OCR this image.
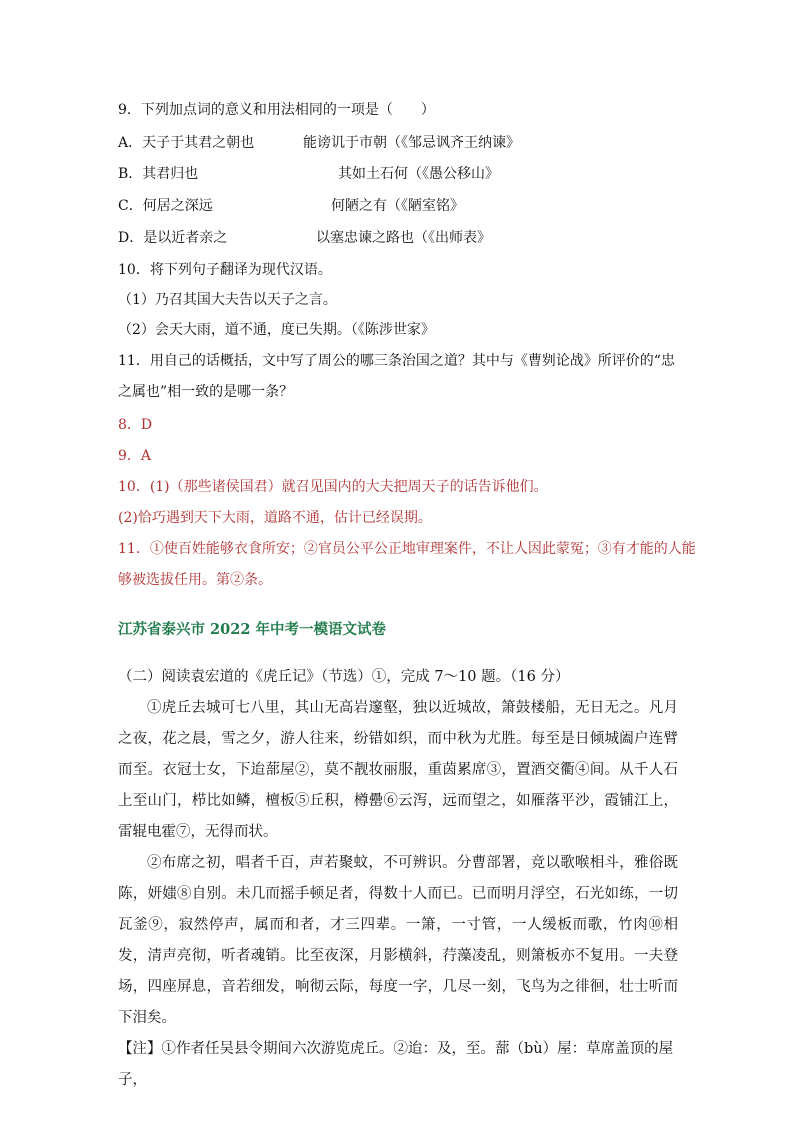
9．下列加点词的意义和用法相同的一项是（　　）
A．天子于其君之朝也	能谤讥于市朝（《邹忌讽齐王纳谏》
B．其君归也	其如土石何（《愚公移山》
C．何居之深远	何陋之有（《陋室铭》
D．是以近者亲之	以塞忠谏之路也（《出师表》
10．将下列句子翻译为现代汉语。
（1）乃召其国大夫告以天子之言。
（2）会天大雨，道不通，度已失期。（《陈涉世家》
11．用自己的话概括，文中写了周公的哪三条治国之道？其中与《曹刿论战》所评价的“忠
之属也”相一致的是哪一条？
8．D
9．A
10．(1)（那些诸侯国君）就召见国内的大夫把周天子的话告诉他们。
(2)恰巧遇到天下大雨，道路不通，估计已经误期。
11．①使百姓能够衣食所安；②官员公平公正地审理案件，不让人因此蒙冤；③有才能的人能
够被选拔任用。第②条。
江苏省泰兴市 2022 年中考一模语文试卷

（二）阅读袁宏道的《虎丘记》（节选）①，完成 7～10 题。（16 分）

①虎丘去城可七八里，其山无高岩邃壑，独以近城故，箫鼓楼船，无日无之。凡月之夜，花之晨，雪之夕，游人往来，纷错如织，而中秋为尤胜。每至是日倾城阖户连臂而至。衣冠士女，下迨蔀屋②，莫不靓妆丽服，重茵累席③，置酒交衢④间。从千人石上至山门，栉比如鳞，檀板⑤丘积，樽罍⑥云泻，远而望之，如雁落平沙，霞铺江上，雷辊电霍⑦，无得而状。

②布席之初，唱者千百，声若聚蚊，不可辨识。分曹部署，竞以歌喉相斗，雅俗既陈，妍媸⑧自别。未几而摇手顿足者，得数十人而已。已而明月浮空，石光如练，一切瓦釜⑨，寂然停声，属而和者，才三四辈。一箫，一寸管，一人缓板而歌，竹肉⑩相发，清声亮彻，听者魂销。比至夜深，月影横斜，荇藻凌乱，则箫板亦不复用。一夫登场，四座屏息，音若细发，响彻云际，每度一字，几尽一刻，飞鸟为之徘徊，壮士听而下泪矣。

【注】①作者任吴县令期间六次游览虎丘。②迨：及，至。蔀（bù）屋：草席盖顶的屋子，
